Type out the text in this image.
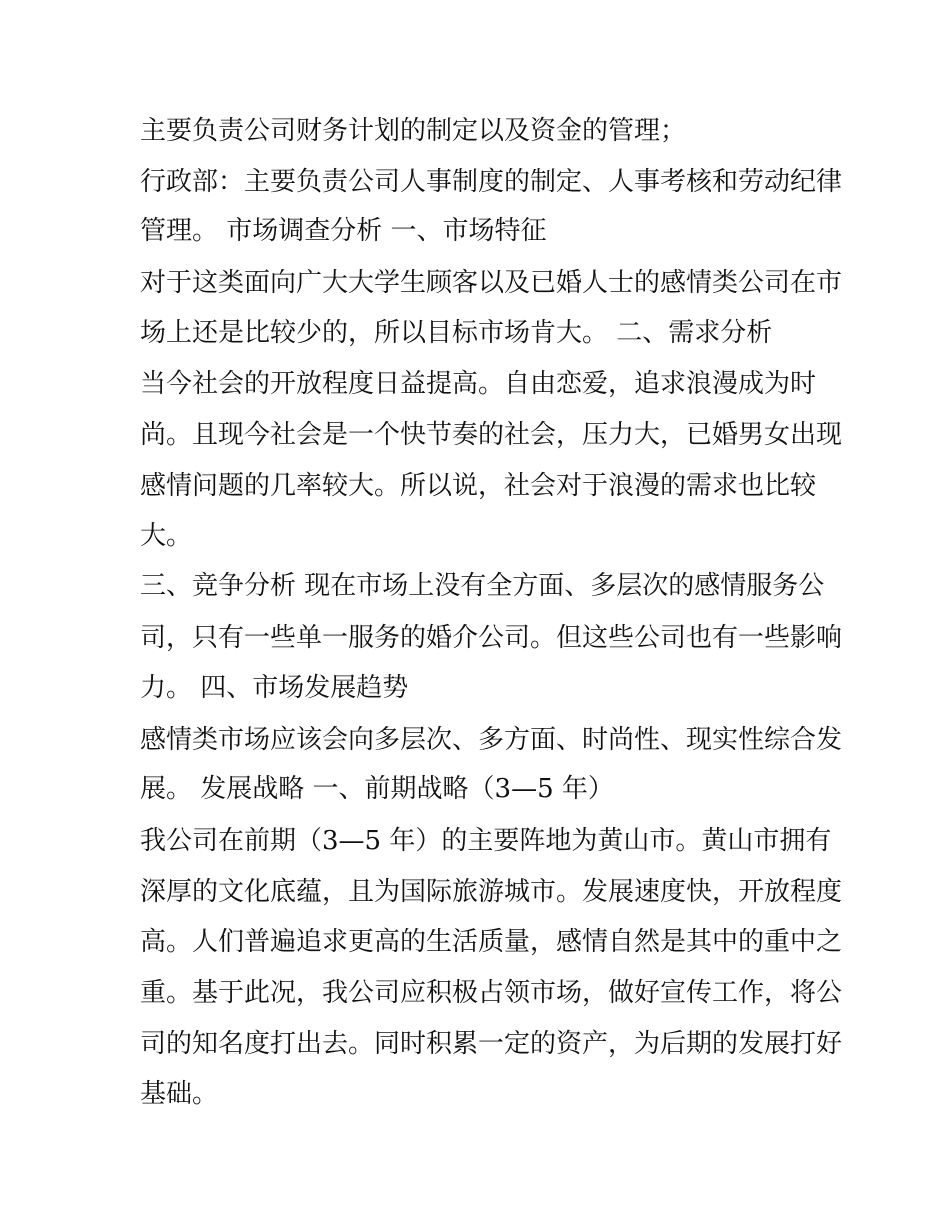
主要负责公司财务计划的制定以及资金的管理；

行政部：主要负责公司人事制度的制定、人事考核和劳动纪律

管理。 市场调查分析 一、市场特征

对于这类面向广大大学生顾客以及已婚人士的感情类公司在市

场上还是比较少的，所以目标市场肯大。 二、需求分析

当今社会的开放程度日益提高。自由恋爱，追求浪漫成为时

尚。且现今社会是一个快节奏的社会，压力大，已婚男女出现

感情问题的几率较大。所以说，社会对于浪漫的需求也比较

大。

三、竞争分析 现在市场上没有全方面、多层次的感情服务公

司，只有一些单一服务的婚介公司。但这些公司也有一些影响

力。 四、市场发展趋势

感情类市场应该会向多层次、多方面、时尚性、现实性综合发

展。 发展战略 一、前期战略（3—5 年）

我公司在前期（3—5 年）的主要阵地为黄山市。黄山市拥有

深厚的文化底蕴，且为国际旅游城市。发展速度快，开放程度

高。人们普遍追求更高的生活质量，感情自然是其中的重中之

重。基于此况，我公司应积极占领市场，做好宣传工作，将公

司的知名度打出去。同时积累一定的资产，为后期的发展打好

基础。
